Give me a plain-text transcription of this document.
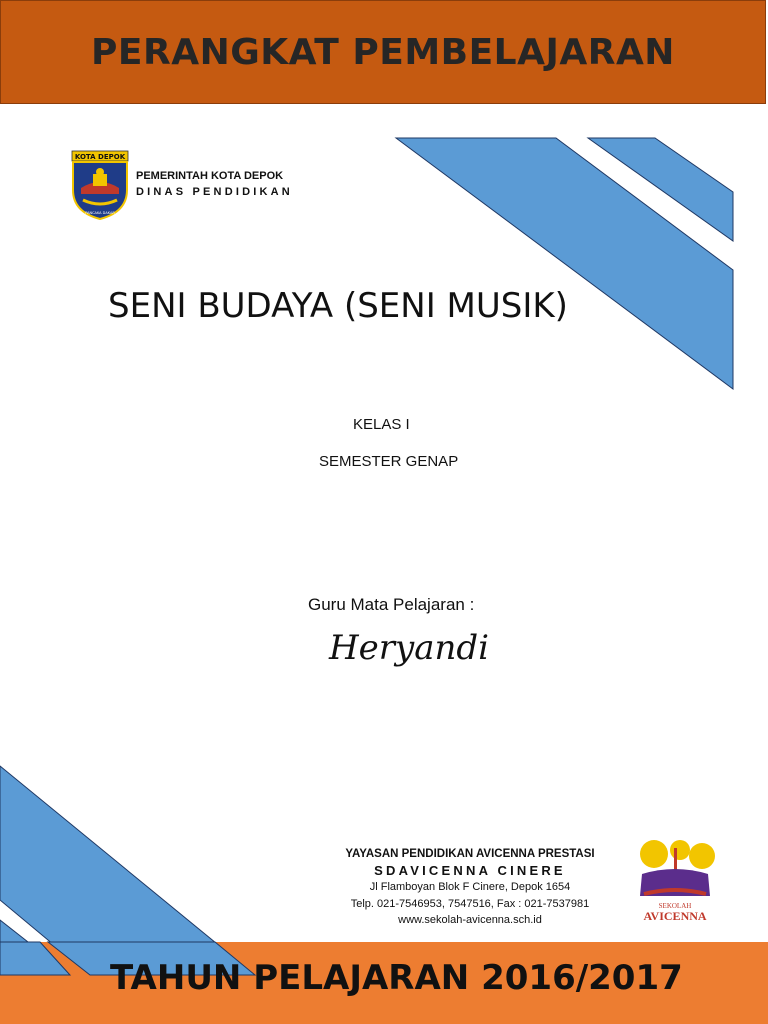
PERANGKAT PEMBELAJARAN
KOTA DEPOK
PANCAKA DAKAR
PEMERINTAH KOTA DEPOK
DINAS PENDIDIKAN
SENI BUDAYA (SENI MUSIK)
KELAS I
SEMESTER GENAP
Guru Mata Pelajaran :
Heryandi
YAYASAN PENDIDIKAN AVICENNA PRESTASI
SDAVICENNA CINERE
Jl Flamboyan Blok F Cinere, Depok 1654
Telp. 021-7546953, 7547516, Fax : 021-7537981
www.sekolah-avicenna.sch.id
SEKOLAH
AVICENNA
TAHUN PELAJARAN 2016/2017
